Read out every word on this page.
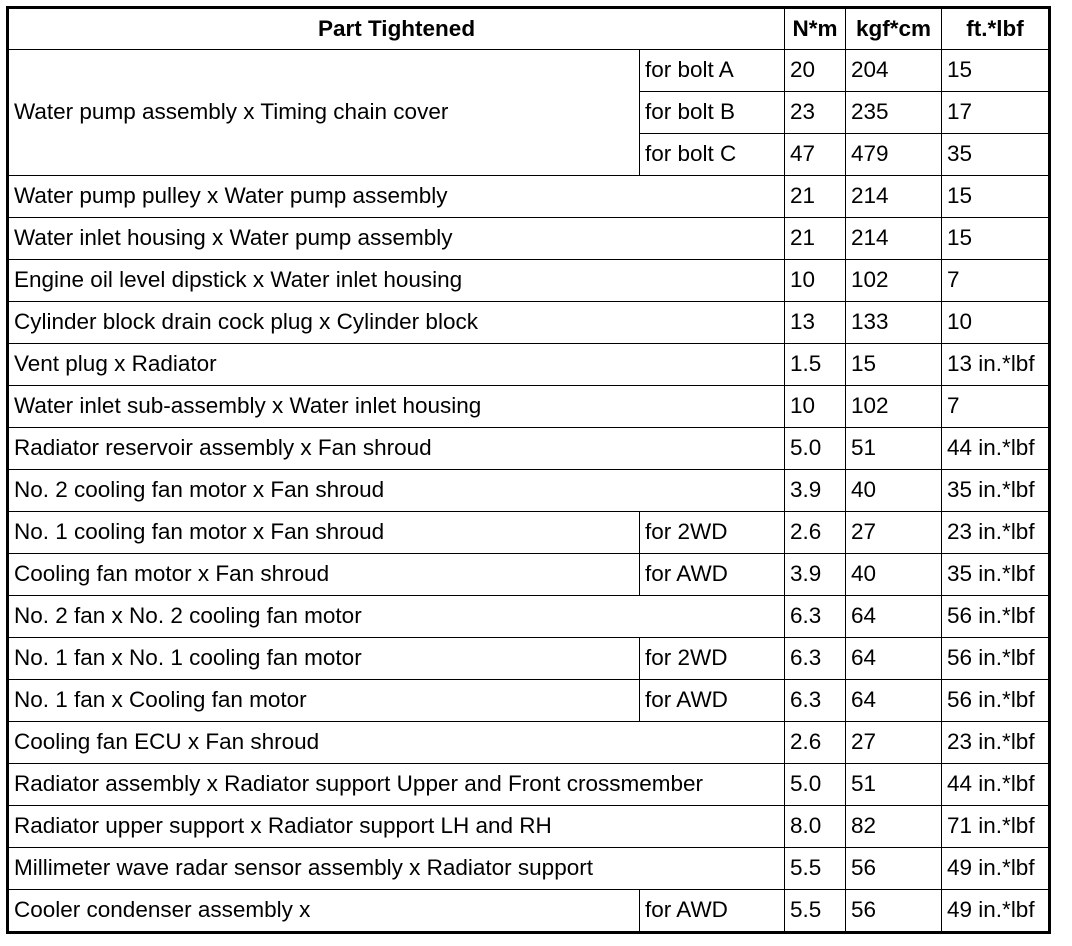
Part Tightened		N*m	kgf*cm	ft.*lbf
Water pump assembly x Timing chain cover	for bolt A	20	204	15
	for bolt B	23	235	17
	for bolt C	47	479	35
Water pump pulley x Water pump assembly		21	214	15
Water inlet housing x Water pump assembly		21	214	15
Engine oil level dipstick x Water inlet housing		10	102	7
Cylinder block drain cock plug x Cylinder block		13	133	10
Vent plug x Radiator		1.5	15	13 in.*lbf
Water inlet sub-assembly x Water inlet housing		10	102	7
Radiator reservoir assembly x Fan shroud		5.0	51	44 in.*lbf
No. 2 cooling fan motor x Fan shroud		3.9	40	35 in.*lbf
No. 1 cooling fan motor x Fan shroud	for 2WD	2.6	27	23 in.*lbf
Cooling fan motor x Fan shroud	for AWD	3.9	40	35 in.*lbf
No. 2 fan x No. 2 cooling fan motor		6.3	64	56 in.*lbf
No. 1 fan x No. 1 cooling fan motor	for 2WD	6.3	64	56 in.*lbf
No. 1 fan x Cooling fan motor	for AWD	6.3	64	56 in.*lbf
Cooling fan ECU x Fan shroud		2.6	27	23 in.*lbf
Radiator assembly x Radiator support Upper and Front crossmember		5.0	51	44 in.*lbf
Radiator upper support x Radiator support LH and RH		8.0	82	71 in.*lbf
Millimeter wave radar sensor assembly x Radiator support		5.5	56	49 in.*lbf
Cooler condenser assembly x	for AWD	5.5	56	49 in.*lbf
